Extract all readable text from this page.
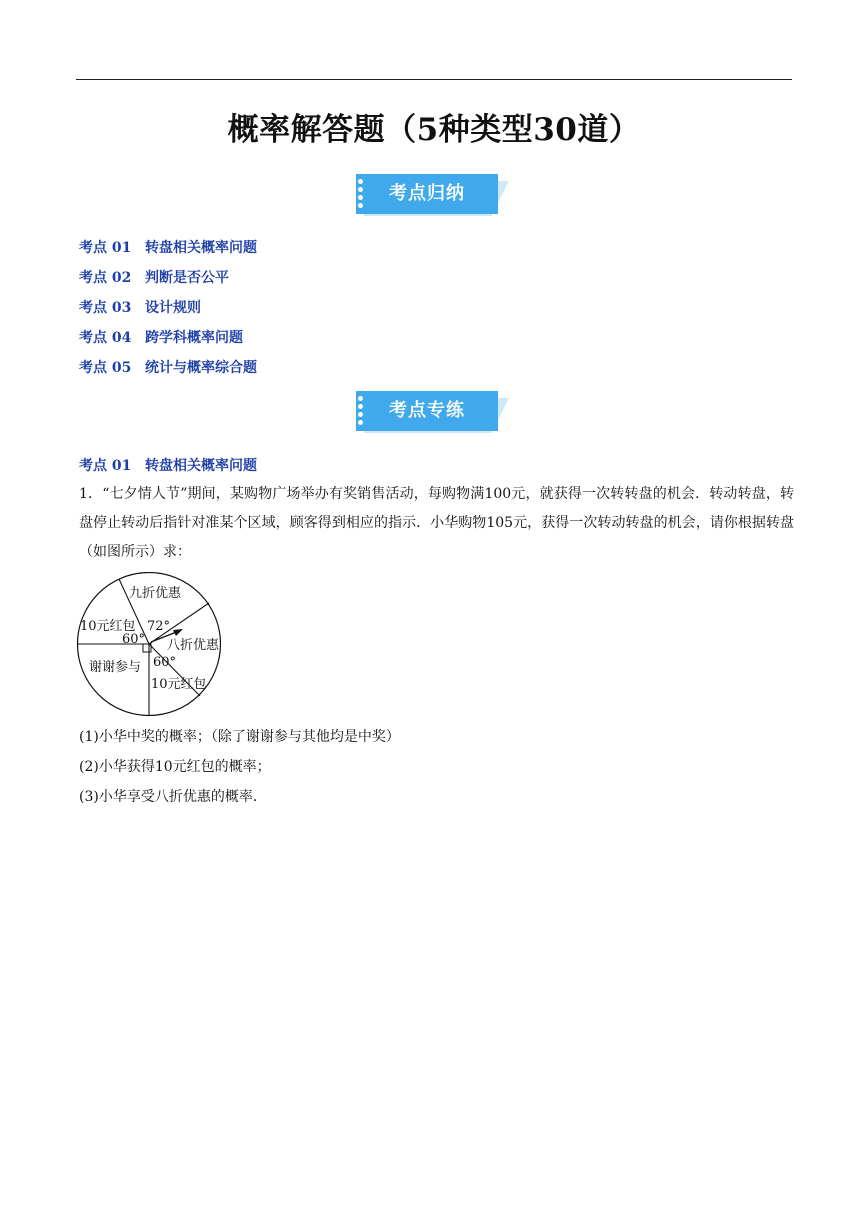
概率解答题（5种类型30道）
考点归纳
考点 01 转盘相关概率问题
考点 02 判断是否公平
考点 03 设计规则
考点 04 跨学科概率问题
考点 05 统计与概率综合题
考点专练
考点 01 转盘相关概率问题
1．“七夕情人节”期间，某购物广场举办有奖销售活动，每购物满100元，就获得一次转转盘的机会．转动转盘，转盘停止转动后指针对准某个区域，顾客得到相应的指示．小华购物105元，获得一次转动转盘的机会，请你根据转盘（如图所示）求：
九折优惠
八折优惠
10元红包
谢谢参与
10元红包
72°
60°
60°
(1)小华中奖的概率；（除了谢谢参与其他均是中奖）
(2)小华获得10元红包的概率；
(3)小华享受八折优惠的概率．
